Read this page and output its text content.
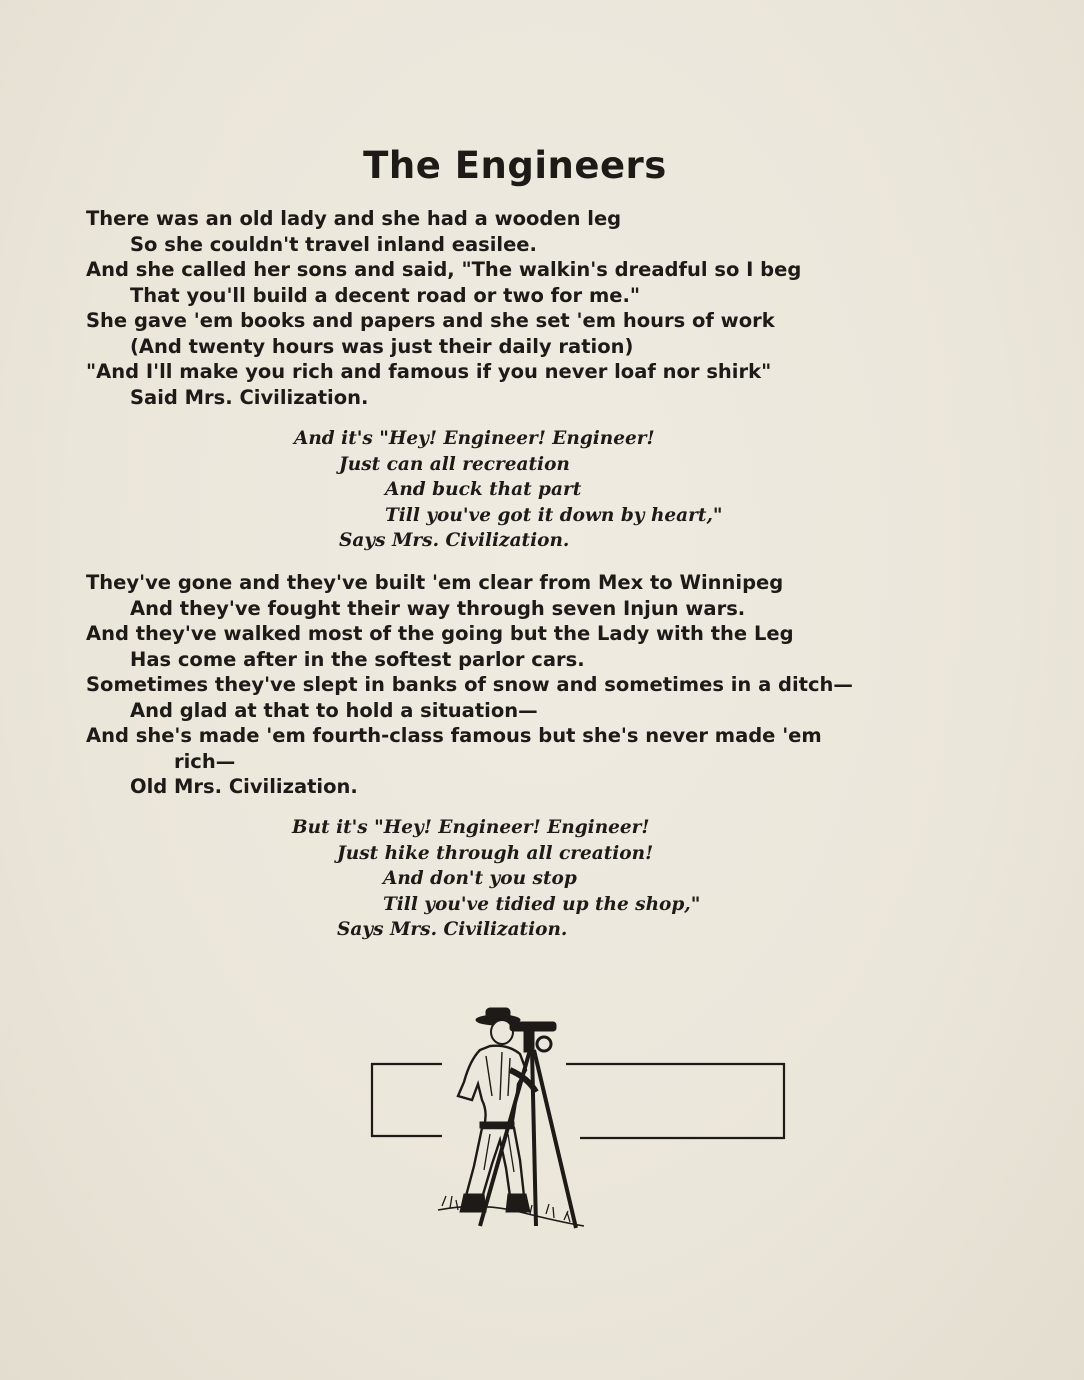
The Engineers
There was an old lady and she had a wooden leg
So she couldn't travel inland easilee.
And she called her sons and said, "The walkin's dreadful so I beg
That you'll build a decent road or two for me."
She gave 'em books and papers and she set 'em hours of work
(And twenty hours was just their daily ration)
"And I'll make you rich and famous if you never loaf nor shirk"
Said Mrs. Civilization.
And it's "Hey! Engineer! Engineer!
Just can all recreation
And buck that part
Till you've got it down by heart,"
Says Mrs. Civilization.
They've gone and they've built 'em clear from Mex to Winnipeg
And they've fought their way through seven Injun wars.
And they've walked most of the going but the Lady with the Leg
Has come after in the softest parlor cars.
Sometimes they've slept in banks of snow and sometimes in a ditch—
And glad at that to hold a situation—
And she's made 'em fourth-class famous but she's never made 'em
rich—
Old Mrs. Civilization.
But it's "Hey! Engineer! Engineer!
Just hike through all creation!
And don't you stop
Till you've tidied up the shop,"
Says Mrs. Civilization.
